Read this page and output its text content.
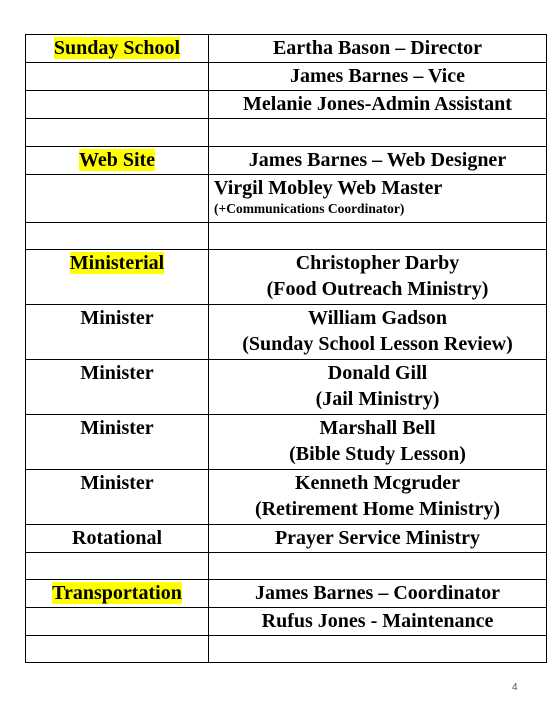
Sunday School	Eartha Bason – Director

	James Barnes – Vice

	Melanie Jones-Admin Assistant

Web Site	James Barnes – Web Designer

	Virgil Mobley Web Master
(+Communications Coordinator)

Ministerial	Christopher Darby
(Food Outreach Ministry)

Minister	William Gadson
(Sunday School Lesson Review)

Minister	Donald Gill
(Jail Ministry)

Minister	Marshall Bell
(Bible Study Lesson)

Minister	Kenneth Mcgruder
(Retirement Home Ministry)

Rotational	Prayer Service Ministry

Transportation	James Barnes – Coordinator

	Rufus Jones - Maintenance

4
